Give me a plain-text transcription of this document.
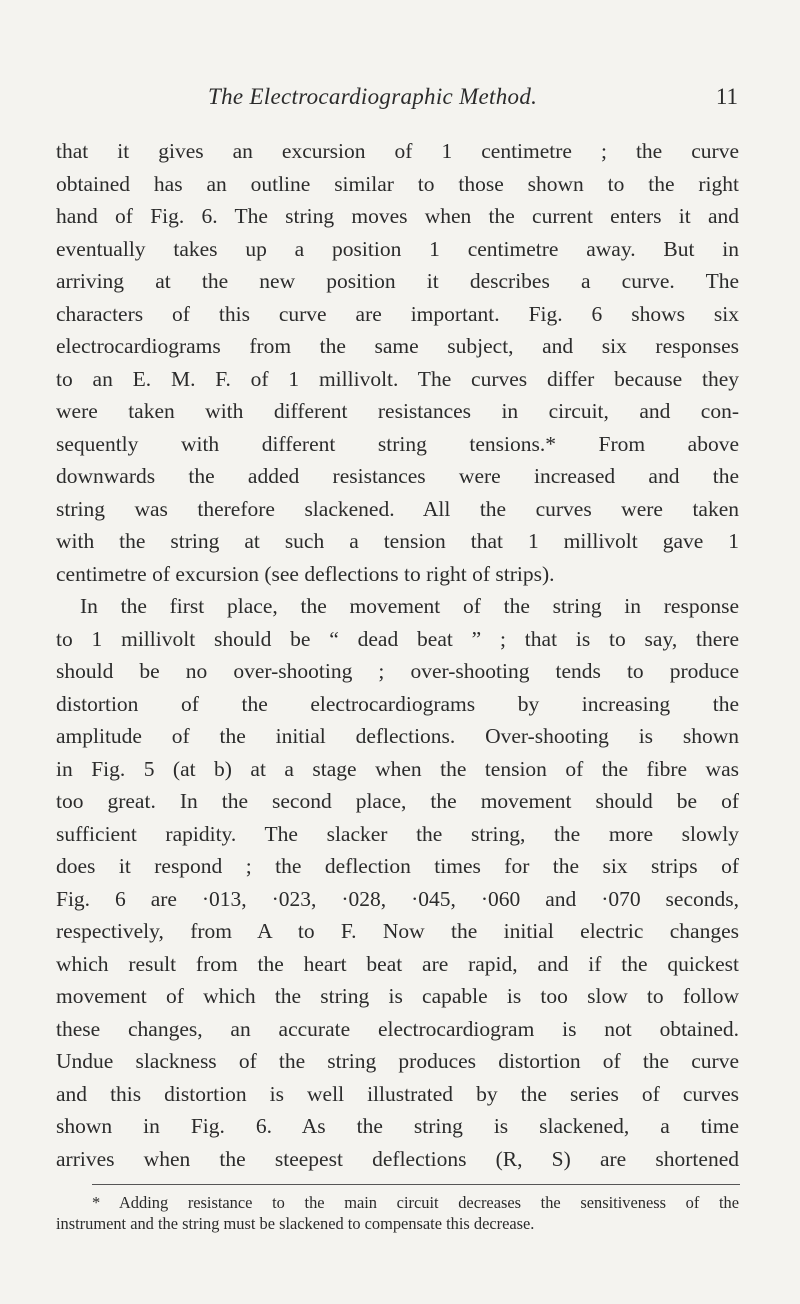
The Electrocardiographic Method.	11
that it gives an excursion of 1 centimetre ; the curve
obtained has an outline similar to those shown to the right
hand of Fig. 6. The string moves when the current enters it and
eventually takes up a position 1 centimetre away. But in
arriving at the new position it describes a curve. The
characters of this curve are important. Fig. 6 shows six
electrocardiograms from the same subject, and six responses
to an E. M. F. of 1 millivolt. The curves differ because they
were taken with different resistances in circuit, and con-
sequently with different string tensions.* From above
downwards the added resistances were increased and the
string was therefore slackened. All the curves were taken
with the string at such a tension that 1 millivolt gave 1
centimetre of excursion (see deflections to right of strips).
In the first place, the movement of the string in response
to 1 millivolt should be “ dead beat ” ; that is to say, there
should be no over-shooting ; over-shooting tends to produce
distortion of the electrocardiograms by increasing the
amplitude of the initial deflections. Over-shooting is shown
in Fig. 5 (at b) at a stage when the tension of the fibre was
too great. In the second place, the movement should be of
sufficient rapidity. The slacker the string, the more slowly
does it respond ; the deflection times for the six strips of
Fig. 6 are ·013, ·023, ·028, ·045, ·060 and ·070 seconds,
respectively, from A to F. Now the initial electric changes
which result from the heart beat are rapid, and if the quickest
movement of which the string is capable is too slow to follow
these changes, an accurate electrocardiogram is not obtained.
Undue slackness of the string produces distortion of the curve
and this distortion is well illustrated by the series of curves
shown in Fig. 6. As the string is slackened, a time
arrives when the steepest deflections (R, S) are shortened
* Adding resistance to the main circuit decreases the sensitiveness of the
instrument and the string must be slackened to compensate this decrease.
